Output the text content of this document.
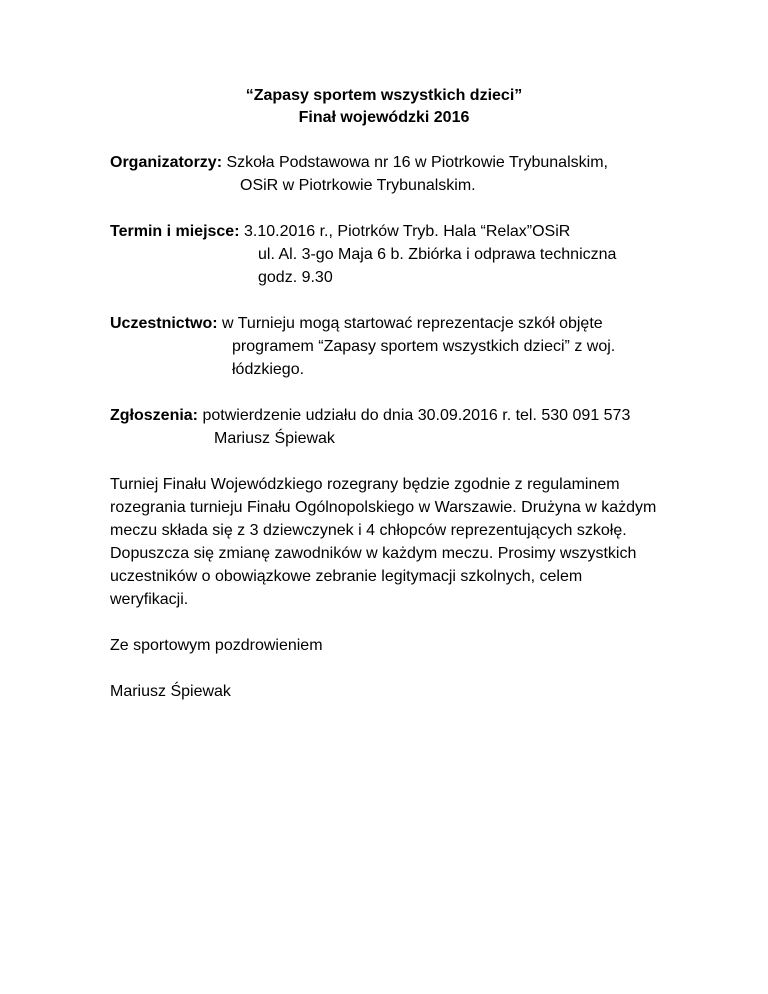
“Zapasy sportem wszystkich dzieci”
Finał wojewódzki 2016
Organizatorzy: Szkoła Podstawowa nr 16 w Piotrkowie Trybunalskim,
OSiR w Piotrkowie Trybunalskim.
Termin i miejsce: 3.10.2016 r., Piotrków Tryb. Hala “Relax”OSiR
ul. Al. 3-go Maja 6 b. Zbiórka i odprawa techniczna
godz. 9.30
Uczestnictwo: w Turnieju mogą startować reprezentacje szkół objęte
programem “Zapasy sportem wszystkich dzieci” z woj.
łódzkiego.
Zgłoszenia: potwierdzenie udziału do dnia 30.09.2016 r. tel. 530 091 573
Mariusz Śpiewak
Turniej Finału Wojewódzkiego rozegrany będzie zgodnie z regulaminem
rozegrania turnieju Finału Ogólnopolskiego w Warszawie. Drużyna w każdym
meczu składa się z 3 dziewczynek i 4 chłopców reprezentujących szkołę.
Dopuszcza się zmianę zawodników w każdym meczu. Prosimy wszystkich
uczestników o obowiązkowe zebranie legitymacji szkolnych, celem
weryfikacji.
Ze sportowym pozdrowieniem
Mariusz Śpiewak
